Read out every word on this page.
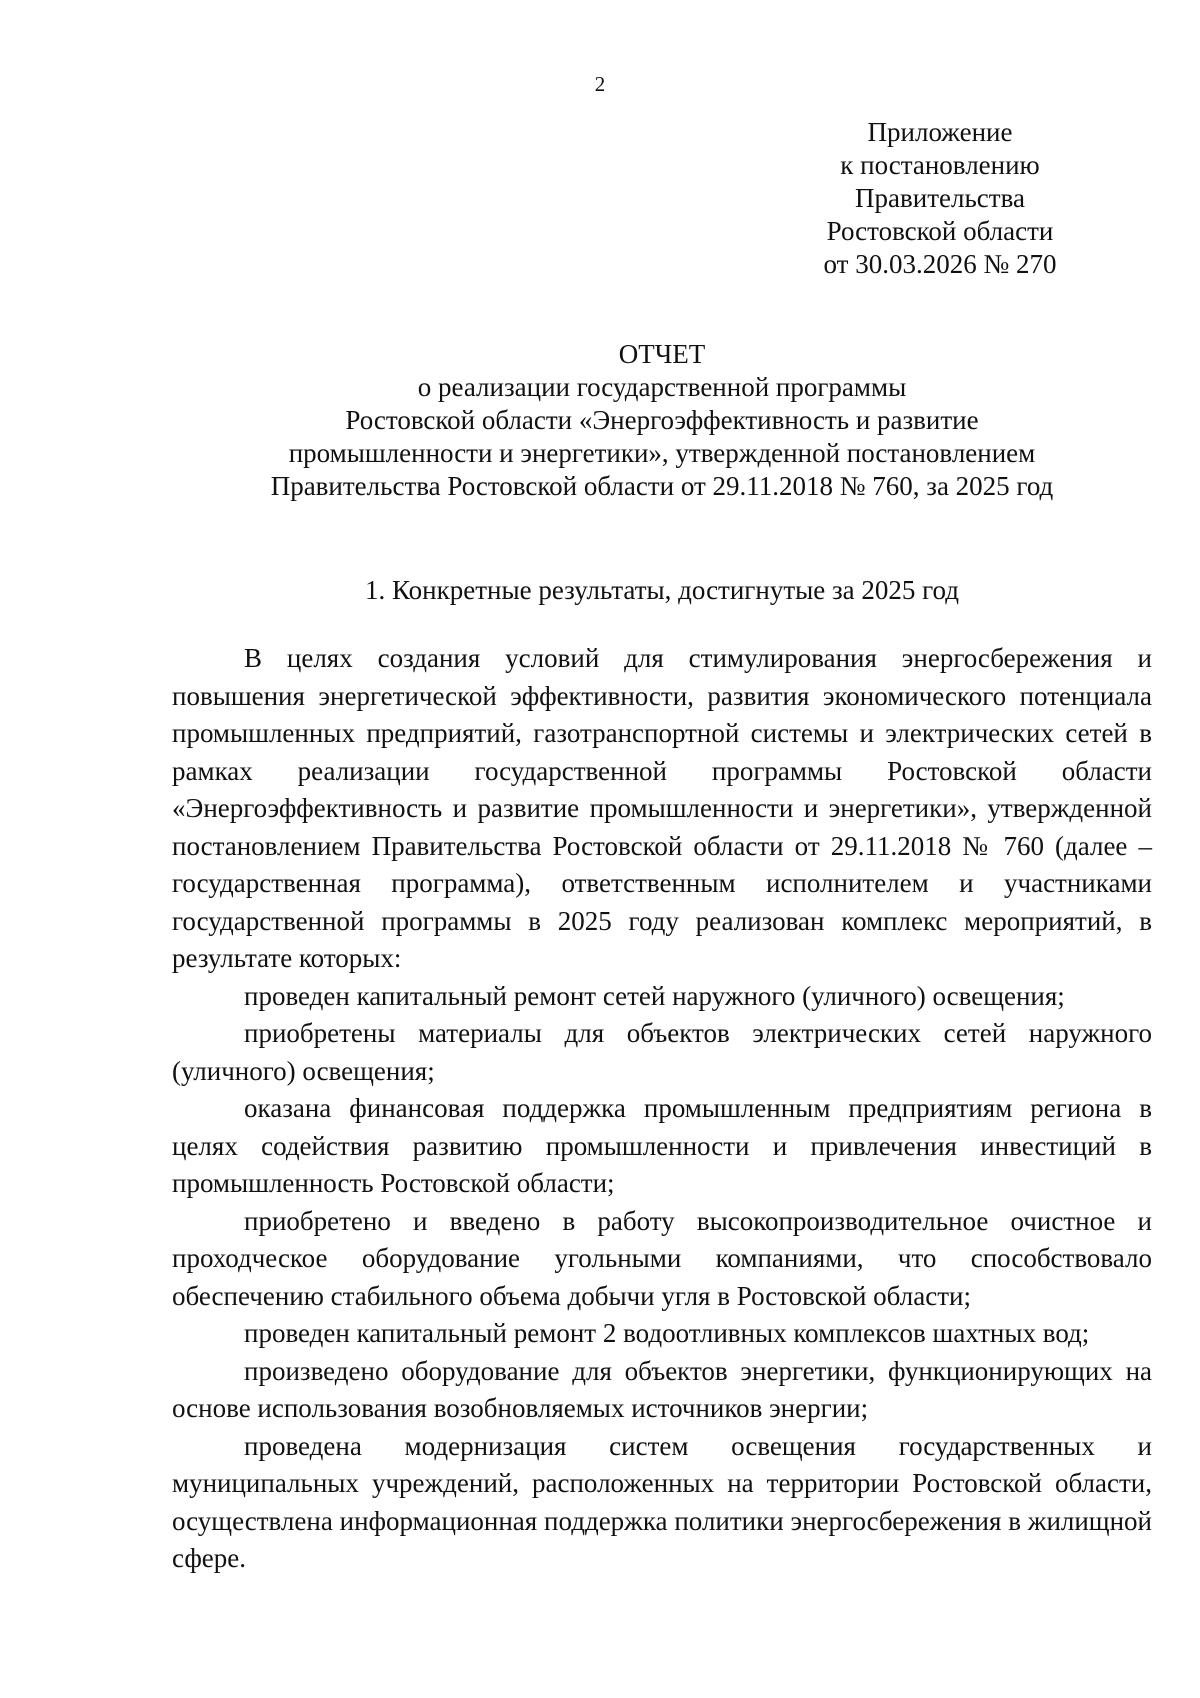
2
Приложение
к постановлению
Правительства
Ростовской области
от 30.03.2026 № 270
ОТЧЕТ
о реализации государственной программы
Ростовской области «Энергоэффективность и развитие
промышленности и энергетики», утвержденной постановлением
Правительства Ростовской области от 29.11.2018 № 760, за 2025 год
1. Конкретные результаты, достигнутые за 2025 год

В целях создания условий для стимулирования энергосбережения и повышения энергетической эффективности, развития экономического потенциала промышленных предприятий, газотранспортной системы и электрических сетей в рамках реализации государственной программы Ростовской области «Энергоэффективность и развитие промышленности и энергетики», утвержденной постановлением Правительства Ростовской области от 29.11.2018 № 760 (далее – государственная программа), ответственным исполнителем и участниками государственной программы в 2025 году реализован комплекс мероприятий, в результате которых:

проведен капитальный ремонт сетей наружного (уличного) освещения;

приобретены материалы для объектов электрических сетей наружного (уличного) освещения;

оказана финансовая поддержка промышленным предприятиям региона в целях содействия развитию промышленности и привлечения инвестиций в промышленность Ростовской области;

приобретено и введено в работу высокопроизводительное очистное и проходческое оборудование угольными компаниями, что способствовало обеспечению стабильного объема добычи угля в Ростовской области;

проведен капитальный ремонт 2 водоотливных комплексов шахтных вод;

произведено оборудование для объектов энергетики, функционирующих на основе использования возобновляемых источников энергии;

проведена модернизация систем освещения государственных и муниципальных учреждений, расположенных на территории Ростовской области, осуществлена информационная поддержка политики энергосбережения в жилищной сфере.
